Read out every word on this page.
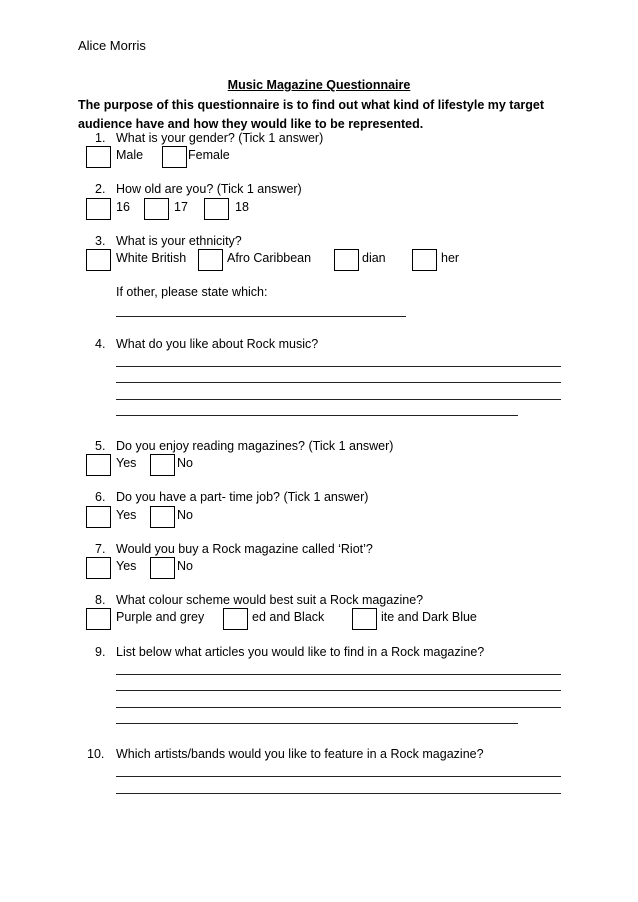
Alice Morris
Music Magazine Questionnaire
The purpose of this questionnaire is to find out what kind of lifestyle my target audience have and how they would like to be represented.
1. What is your gender? (Tick 1 answer)
Male	Female
2. How old are you? (Tick 1 answer)
16	17	18
3. What is your ethnicity?
White British	Afro Caribbean	dian	her
If other, please state which:
4. What do you like about Rock music?
5. Do you enjoy reading magazines? (Tick 1 answer)
Yes	No
6. Do you have a part- time job? (Tick 1 answer)
Yes	No
7. Would you buy a Rock magazine called ‘Riot’?
Yes	No
8. What colour scheme would best suit a Rock magazine?
Purple and grey	ed and Black	ite and Dark Blue
9. List below what articles you would like to find in a Rock magazine?
10. Which artists/bands would you like to feature in a Rock magazine?
